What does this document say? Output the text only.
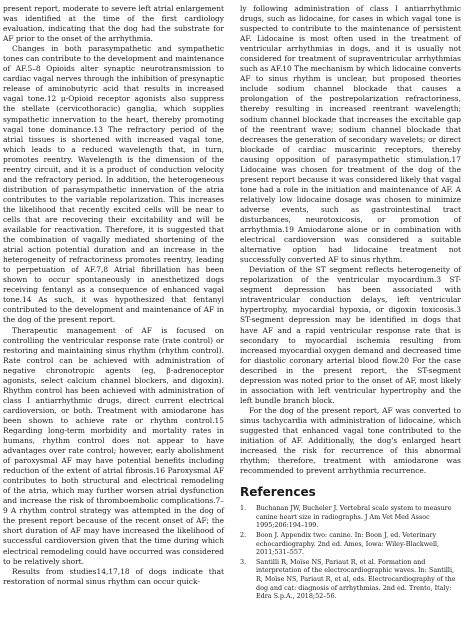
present report, moderate to severe left atrial enlargement was identified at the time of the first cardiology evaluation, indicating that the dog had the substrate for AF prior to the onset of the arrhythmia.

Changes in both parasympathetic and sympathetic tones can contribute to the development and maintenance of AF.5–8 Opioids alter synaptic neurotransmission to cardiac vagal nerves through the inhibition of presynaptic release of aminobutyric acid that results in increased vagal tone.12 μ-Opioid receptor agonists also suppress the stellate (cervicothoracic) ganglia, which supplies sympathetic innervation to the heart, thereby promoting vagal tone dominance.13 The refractory period of the atrial tissues is shortened with increased vagal tone, which leads to a reduced wavelength that, in turn, promotes reentry. Wavelength is the dimension of the reentry circuit, and it is a product of conduction velocity and the refractory period. In addition, the heterogeneous distribution of parasympathetic innervation of the atria contributes to the variable repolarization. This increases the likelihood that recently excited cells will be near to cells that are recovering their excitability and will be available for reactivation. Therefore, it is suggested that the combination of vagally mediated shortening of the atrial action potential duration and an increase in the heterogeneity of refractoriness promotes reentry, leading to perpetuation of AF.7,8 Atrial fibrillation has been shown to occur spontaneously in anesthetized dogs receiving fentanyl as a consequence of enhanced vagal tone.14 As such, it was hypothesized that fentanyl contributed to the development and maintenance of AF in the dog of the present report.

Therapeutic management of AF is focused on controlling the ventricular response rate (rate control) or restoring and maintaining sinus rhythm (rhythm control). Rate control can be achieved with administration of negative chronotropic agents (eg, β-adrenoceptor agonists, select calcium channel blockers, and digoxin). Rhythm control has been achieved with administration of class I antiarrhythmic drugs, direct current electrical cardioversion, or both. Treatment with amiodarone has been shown to achieve rate or rhythm control.15 Regarding long-term morbidity and mortality rates in humans, rhythm control does not appear to have advantages over rate control; however, early abolishment of paroxysmal AF may have potential benefits including reduction of the extent of atrial fibrosis.16 Paroxysmal AF contributes to both structural and electrical remodeling of the atria, which may further worsen atrial dysfunction and increase the risk of thromboembolic complications.7–9 A rhythm control strategy was attempted in the dog of the present report because of the recent onset of AF; the short duration of AF may have increased the likelihood of successful cardioversion given that the time during which electrical remodeling could have occurred was considered to be relatively short.

Results from studies14,17,18 of dogs indicate that restoration of normal sinus rhythm can occur quick-

ly following administration of class I antiarrhythmic drugs, such as lidocaine, for cases in which vagal tone is suspected to contribute to the maintenance of persistent AF. Lidocaine is most often used in the treatment of ventricular arrhythmias in dogs, and it is usually not considered for treatment of supraventricular arrhythmias such as AF.10 The mechanism by which lidocaine converts AF to sinus rhythm is unclear, but proposed theories include sodium channel blockade that causes a prolongation of the postrepolarization refractoriness, thereby resulting in increased reentrant wavelength; sodium channel blockade that increases the excitable gap of the reentrant wave; sodium channel blockade that decreases the generation of secondary wavelets; or direct blockade of cardiac muscarinic receptors, thereby causing opposition of parasympathetic stimulation.17 Lidocaine was chosen for treatment of the dog of the present report because it was considered likely that vagal tone had a role in the initiation and maintenance of AF. A relatively low lidocaine dosage was chosen to minimize adverse events, such as gastrointestinal tract disturbances, neurotoxicosis, or promotion of arrhythmia.19 Amiodarone alone or in combination with electrical cardioversion was considered a suitable alternative option had lidocaine treatment not successfully converted AF to sinus rhythm.

Deviation of the ST segment reflects heterogeneity of repolarization of the ventricular myocardium.3 ST-segment depression has been associated with intraventricular conduction delays, left ventricular hypertrophy, myocardial hypoxia, or digoxin toxicosis.3 ST-segment depression may be identified in dogs that have AF and a rapid ventricular response rate that is secondary to myocardial ischemia resulting from increased myocardial oxygen demand and decreased time for diastolic coronary arterial blood flow.20 For the case described in the present report, the ST-segment depression was noted prior to the onset of AF, most likely in association with left ventricular hypertrophy and the left bundle branch block.

For the dog of the present report, AF was converted to sinus tachycardia with administration of lidocaine, which suggested that enhanced vagal tone contributed to the initiation of AF. Additionally, the dog's enlarged heart increased the risk for recurrence of this abnormal rhythm; therefore, treatment with amiodarone was recommended to prevent arrhythmia recurrence.

References
1.	Buchanan JW, Bucheler J. Vertebral scale system to measure canine heart size in radiographs. J Am Vet Med Assoc 1995;206:194–199.
2.	Boon J. Appendix two: canine. In: Boon J, ed. Veterinary echocardiography. 2nd ed. Ames, Iowa: Wiley-Blackwell, 2011;531–557.
3.	Santilli R, Moïse NS, Pariaut R, et al. Formation and interpretation of the electrocardiographic waves. In: Santilli, R, Moïse NS, Pariaut R, et al, eds. Electrocardiography of the dog and cat: diagnosis of arrhythmias. 2nd ed. Trento, Italy: Edra S.p.A., 2018;52–56.
